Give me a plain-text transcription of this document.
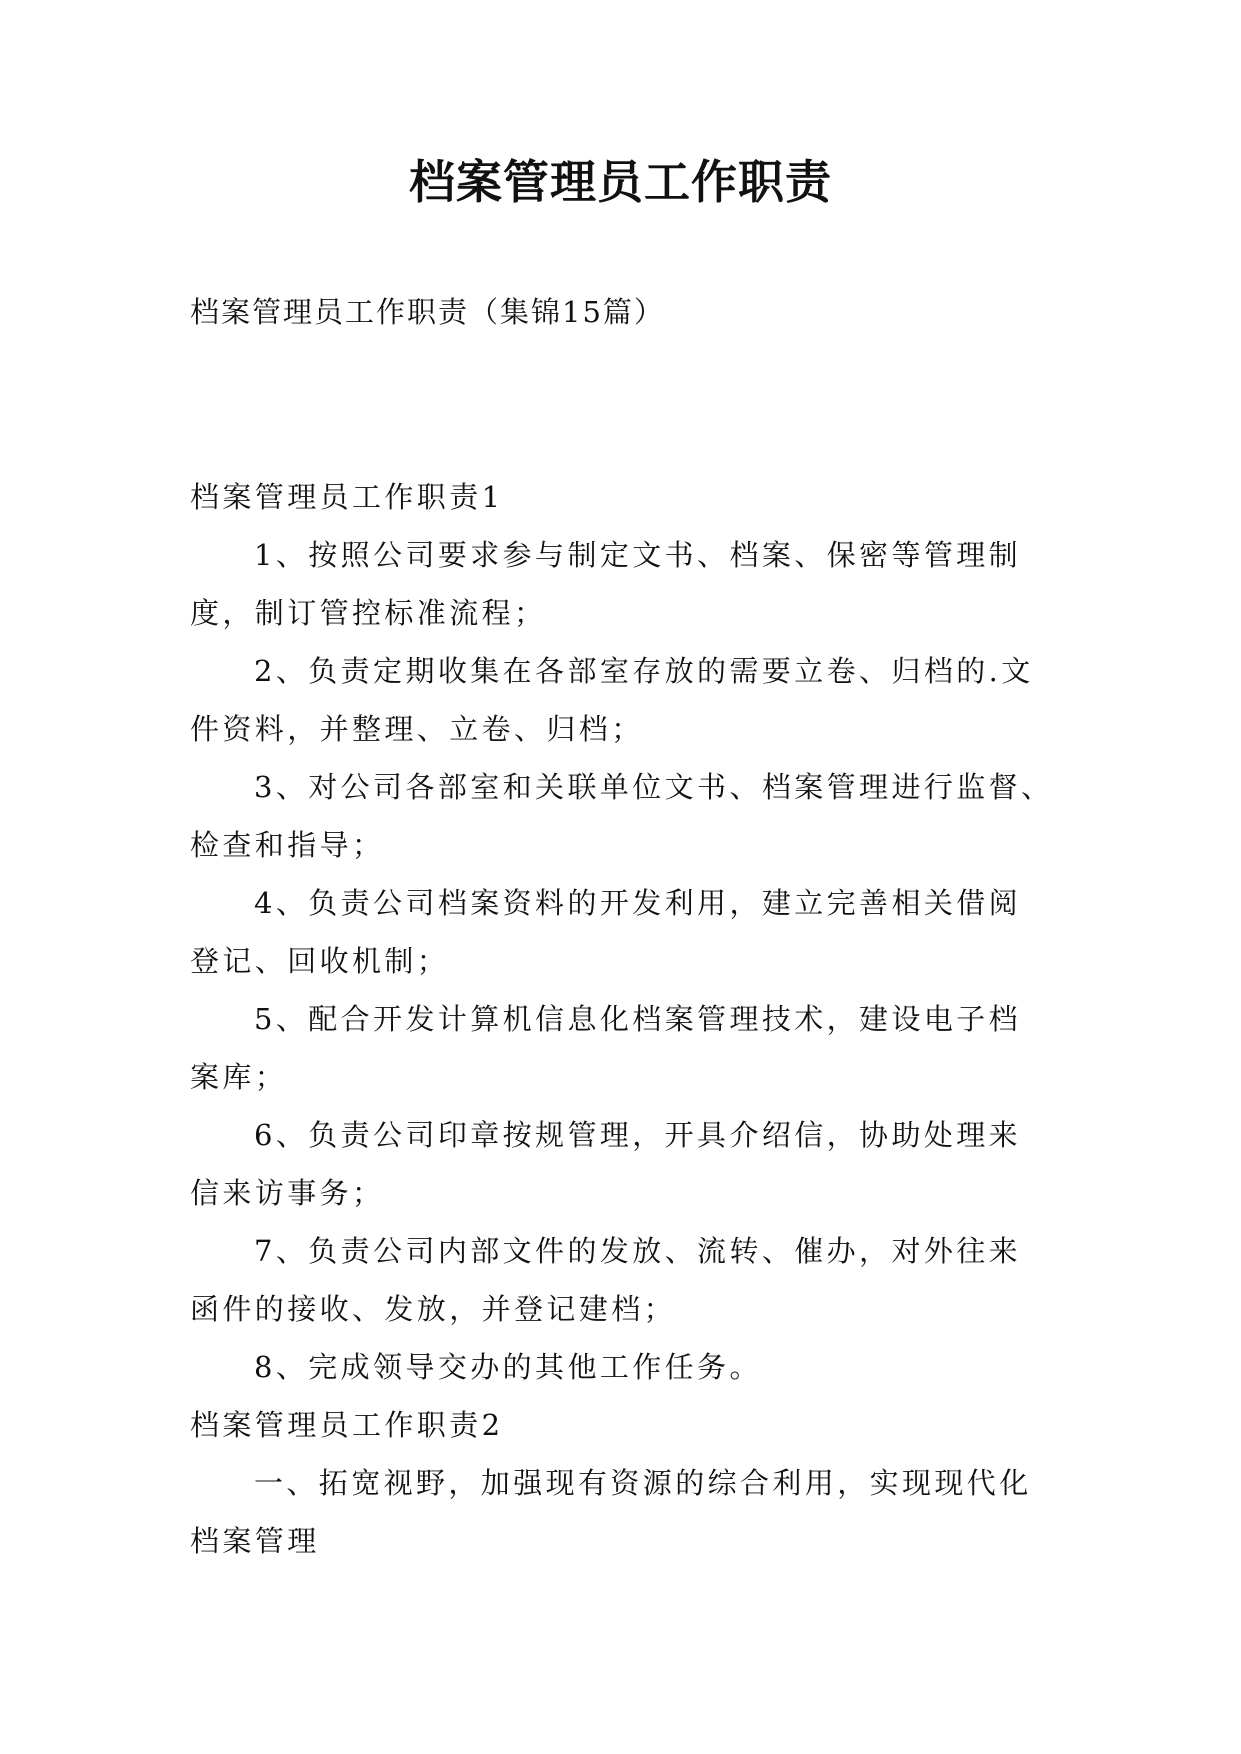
档案管理员工作职责

档案管理员工作职责（集锦15篇）

档案管理员工作职责1

1、按照公司要求参与制定文书、档案、保密等管理制
度，制订管控标准流程；

2、负责定期收集在各部室存放的需要立卷、归档的.文
件资料，并整理、立卷、归档；

3、对公司各部室和关联单位文书、档案管理进行监督、
检查和指导；

4、负责公司档案资料的开发利用，建立完善相关借阅
登记、回收机制；

5、配合开发计算机信息化档案管理技术，建设电子档
案库；

6、负责公司印章按规管理，开具介绍信，协助处理来
信来访事务；

7、负责公司内部文件的发放、流转、催办，对外往来
函件的接收、发放，并登记建档；

8、完成领导交办的其他工作任务。

档案管理员工作职责2

一、拓宽视野，加强现有资源的综合利用，实现现代化
档案管理
